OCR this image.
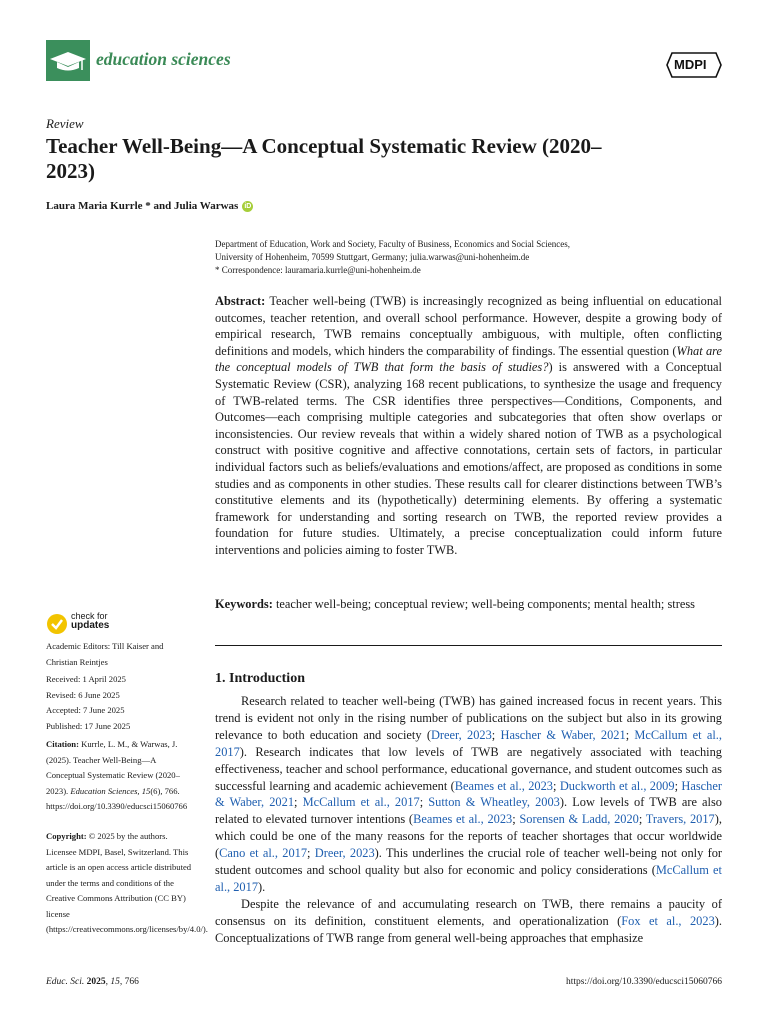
education sciences	MDPI
Review
Teacher Well-Being—A Conceptual Systematic Review (2020–2023)
Laura Maria Kurrle * and Julia Warwas iD
Department of Education, Work and Society, Faculty of Business, Economics and Social Sciences,
University of Hohenheim, 70599 Stuttgart, Germany; julia.warwas@uni-hohenheim.de
* Correspondence: lauramaria.kurrle@uni-hohenheim.de
Abstract: Teacher well-being (TWB) is increasingly recognized as being influential on educational outcomes, teacher retention, and overall school performance. However, despite a growing body of empirical research, TWB remains conceptually ambiguous, with multiple, often conflicting definitions and models, which hinders the comparability of findings. The essential question (What are the conceptual models of TWB that form the basis of studies?) is answered with a Conceptual Systematic Review (CSR), analyzing 168 recent publications, to synthesize the usage and frequency of TWB-related terms. The CSR identifies three perspectives—Conditions, Components, and Outcomes—each comprising multiple categories and subcategories that often show overlaps or inconsistencies. Our review reveals that within a widely shared notion of TWB as a psychological construct with positive cognitive and affective connotations, certain sets of factors, in particular individual factors such as beliefs/evaluations and emotions/affect, are proposed as conditions in some studies and as components in other studies. These results call for clearer distinctions between TWB’s constitutive elements and its (hypothetically) determining elements. By offering a systematic framework for understanding and sorting research on TWB, the reported review provides a foundation for future studies. Ultimately, a precise conceptualization could inform future interventions and policies aiming to foster TWB.
Keywords: teacher well-being; conceptual review; well-being components; mental health; stress
check for
updates
Academic Editors: Till Kaiser and Christian Reintjes
Received: 1 April 2025
Revised: 6 June 2025
Accepted: 7 June 2025
Published: 17 June 2025
Citation: Kurrle, L. M., & Warwas, J. (2025). Teacher Well-Being—A Conceptual Systematic Review (2020–2023). Education Sciences, 15(6), 766. https://doi.org/10.3390/educsci15060766
Copyright: © 2025 by the authors. Licensee MDPI, Basel, Switzerland. This article is an open access article distributed under the terms and conditions of the Creative Commons Attribution (CC BY) license (https://creativecommons.org/licenses/by/4.0/).
1. Introduction

Research related to teacher well-being (TWB) has gained increased focus in recent years. This trend is evident not only in the rising number of publications on the subject but also in its growing relevance to both education and society (Dreer, 2023; Hascher & Waber, 2021; McCallum et al., 2017). Research indicates that low levels of TWB are negatively associated with teaching effectiveness, teacher and school performance, educational governance, and student outcomes such as successful learning and academic achievement (Beames et al., 2023; Duckworth et al., 2009; Hascher & Waber, 2021; McCallum et al., 2017; Sutton & Wheatley, 2003). Low levels of TWB are also related to elevated turnover intentions (Beames et al., 2023; Sorensen & Ladd, 2020; Travers, 2017), which could be one of the many reasons for the reports of teacher shortages that occur worldwide (Cano et al., 2017; Dreer, 2023). This underlines the crucial role of teacher well-being not only for student outcomes and school quality but also for economic and policy considerations (McCallum et al., 2017).

Despite the relevance of and accumulating research on TWB, there remains a paucity of consensus on its definition, constituent elements, and operationalization (Fox et al., 2023). Conceptualizations of TWB range from general well-being approaches that emphasize

Educ. Sci. 2025, 15, 766	https://doi.org/10.3390/educsci15060766
